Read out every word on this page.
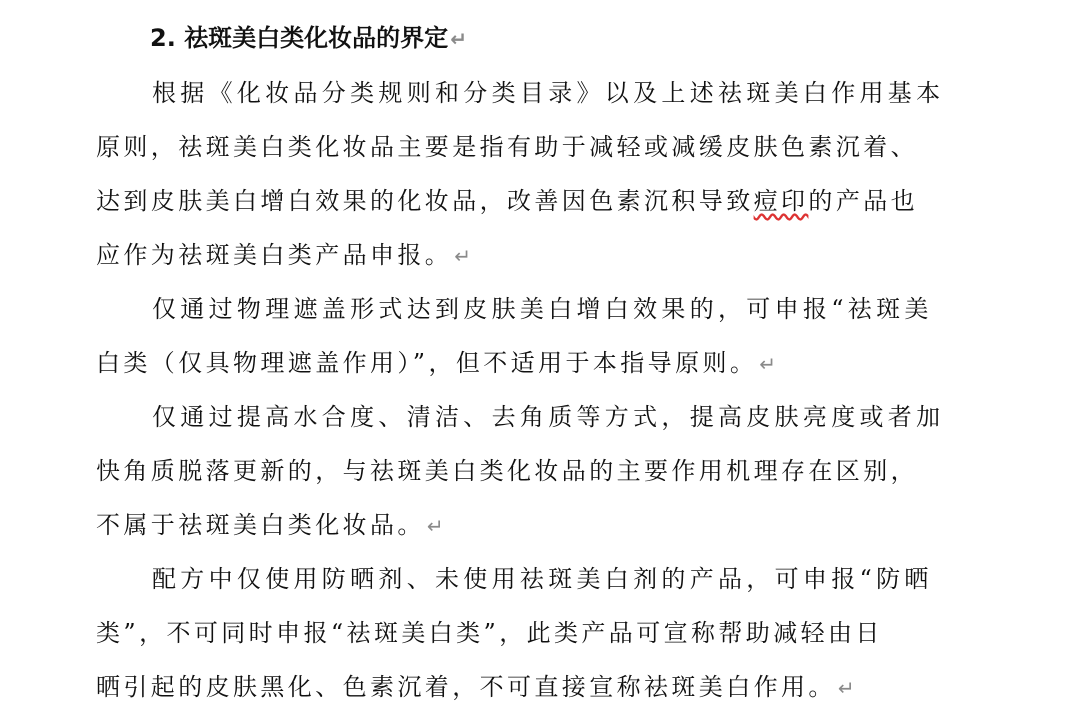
2. 祛斑美白类化妆品的界定 ↵
根据《化妆品分类规则和分类目录》以及上述祛斑美白作用基本
原则，祛斑美白类化妆品主要是指有助于减轻或减缓皮肤色素沉着、
达到皮肤美白增白效果的化妆品，改善因色素沉积导致痘印的产品也
应作为祛斑美白类产品申报。 ↵
仅通过物理遮盖形式达到皮肤美白增白效果的，可申报“祛斑美
白类（仅具物理遮盖作用）”，但不适用于本指导原则。 ↵
仅通过提高水合度、清洁、去角质等方式，提高皮肤亮度或者加
快角质脱落更新的，与祛斑美白类化妆品的主要作用机理存在区别，
不属于祛斑美白类化妆品。 ↵
配方中仅使用防晒剂、未使用祛斑美白剂的产品，可申报“防晒
类”，不可同时申报“祛斑美白类”，此类产品可宣称帮助减轻由日
晒引起的皮肤黑化、色素沉着，不可直接宣称祛斑美白作用。 ↵
